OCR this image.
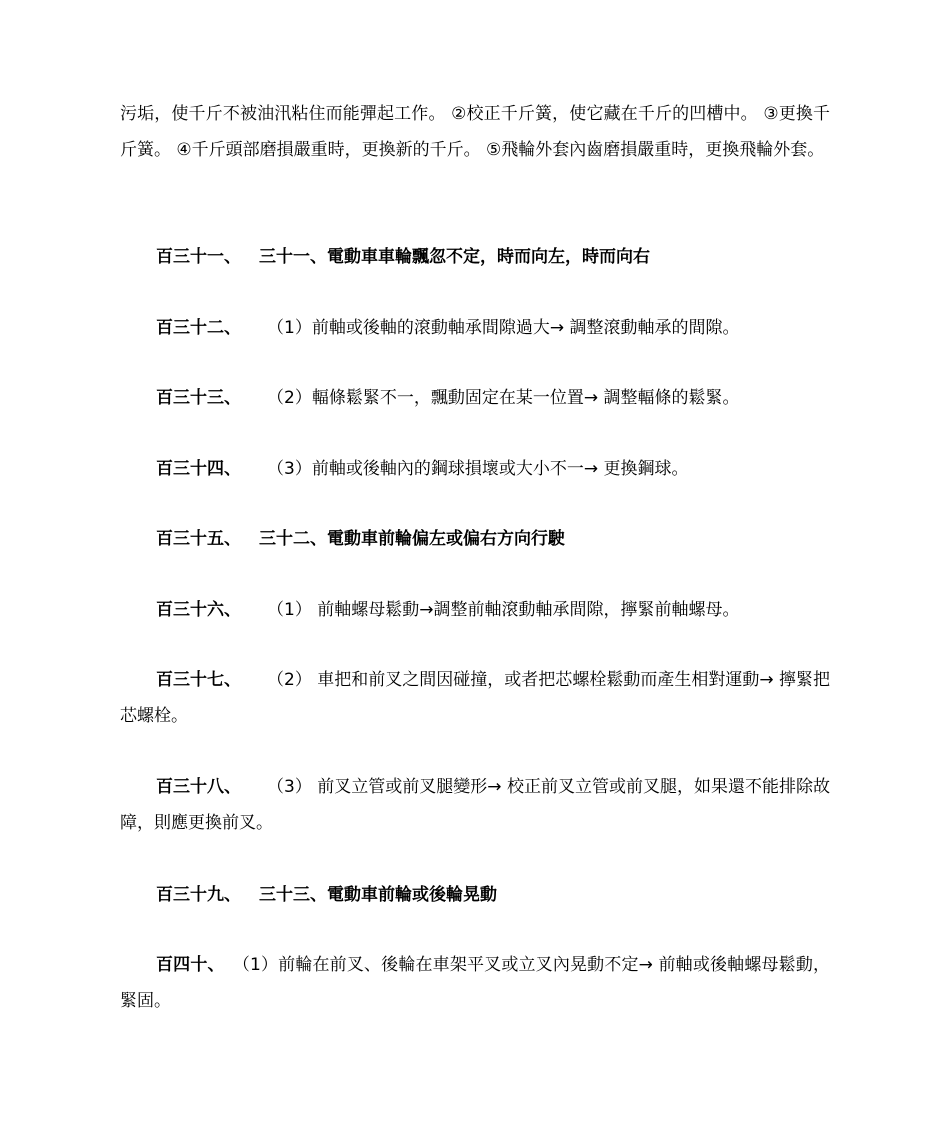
污垢，使千斤不被油汛粘住而能彈起工作。 ②校正千斤簧，使它藏在千斤的凹槽中。 ③更換千斤簧。 ④千斤頭部磨損嚴重時，更換新的千斤。 ⑤飛輪外套內齒磨損嚴重時，更換飛輪外套。

百三十一、 三十一、電動車車輪飄忽不定，時而向左，時而向右

百三十二、 （1）前軸或後軸的滾動軸承間隙過大→ 調整滾動軸承的間隙。

百三十三、 （2）輻條鬆緊不一，飄動固定在某一位置→ 調整輻條的鬆緊。

百三十四、 （3）前軸或後軸內的鋼球損壞或大小不一→ 更換鋼球。

百三十五、 三十二、電動車前輪偏左或偏右方向行駛

百三十六、 （1） 前軸螺母鬆動→調整前軸滾動軸承間隙，擰緊前軸螺母。

百三十七、 （2） 車把和前叉之間因碰撞，或者把芯螺栓鬆動而產生相對運動→ 擰緊把芯螺栓。

百三十八、 （3） 前叉立管或前叉腿變形→ 校正前叉立管或前叉腿，如果還不能排除故障，則應更換前叉。

百三十九、 三十三、電動車前輪或後輪晃動

百四十、 （1）前輪在前叉、後輪在車架平叉或立叉內晃動不定→ 前軸或後軸螺母鬆動，緊固。
